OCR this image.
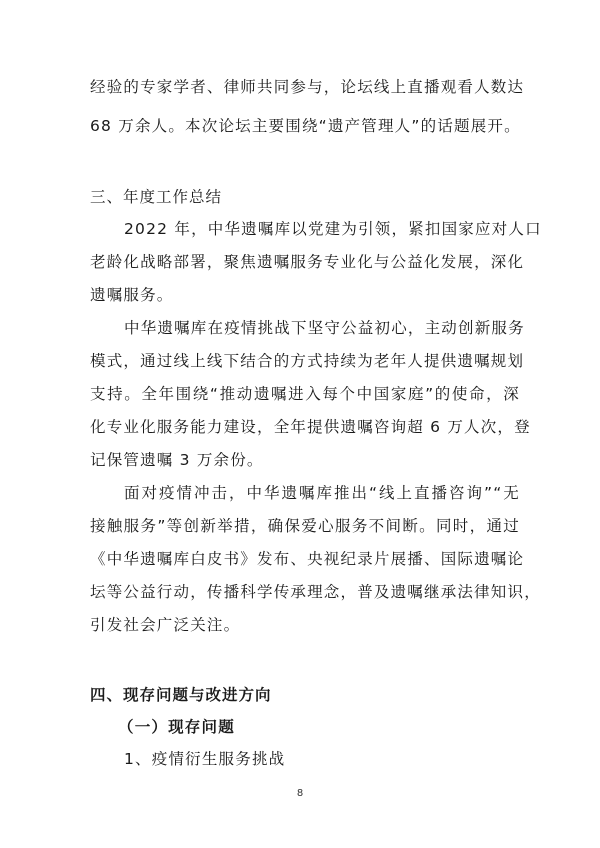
经验的专家学者、律师共同参与，论坛线上直播观看人数达
68 万余人。本次论坛主要围绕“遗产管理人”的话题展开。
三、年度工作总结
2022 年，中华遗嘱库以党建为引领，紧扣国家应对人口
老龄化战略部署，聚焦遗嘱服务专业化与公益化发展，深化
遗嘱服务。
中华遗嘱库在疫情挑战下坚守公益初心，主动创新服务
模式，通过线上线下结合的方式持续为老年人提供遗嘱规划
支持。全年围绕“推动遗嘱进入每个中国家庭”的使命，深
化专业化服务能力建设，全年提供遗嘱咨询超 6 万人次，登
记保管遗嘱 3 万余份。
面对疫情冲击，中华遗嘱库推出“线上直播咨询”“无
接触服务”等创新举措，确保爱心服务不间断。同时，通过
《中华遗嘱库白皮书》发布、央视纪录片展播、国际遗嘱论
坛等公益行动，传播科学传承理念，普及遗嘱继承法律知识，
引发社会广泛关注。
四、现存问题与改进方向
（一）现存问题
1、疫情衍生服务挑战
8
